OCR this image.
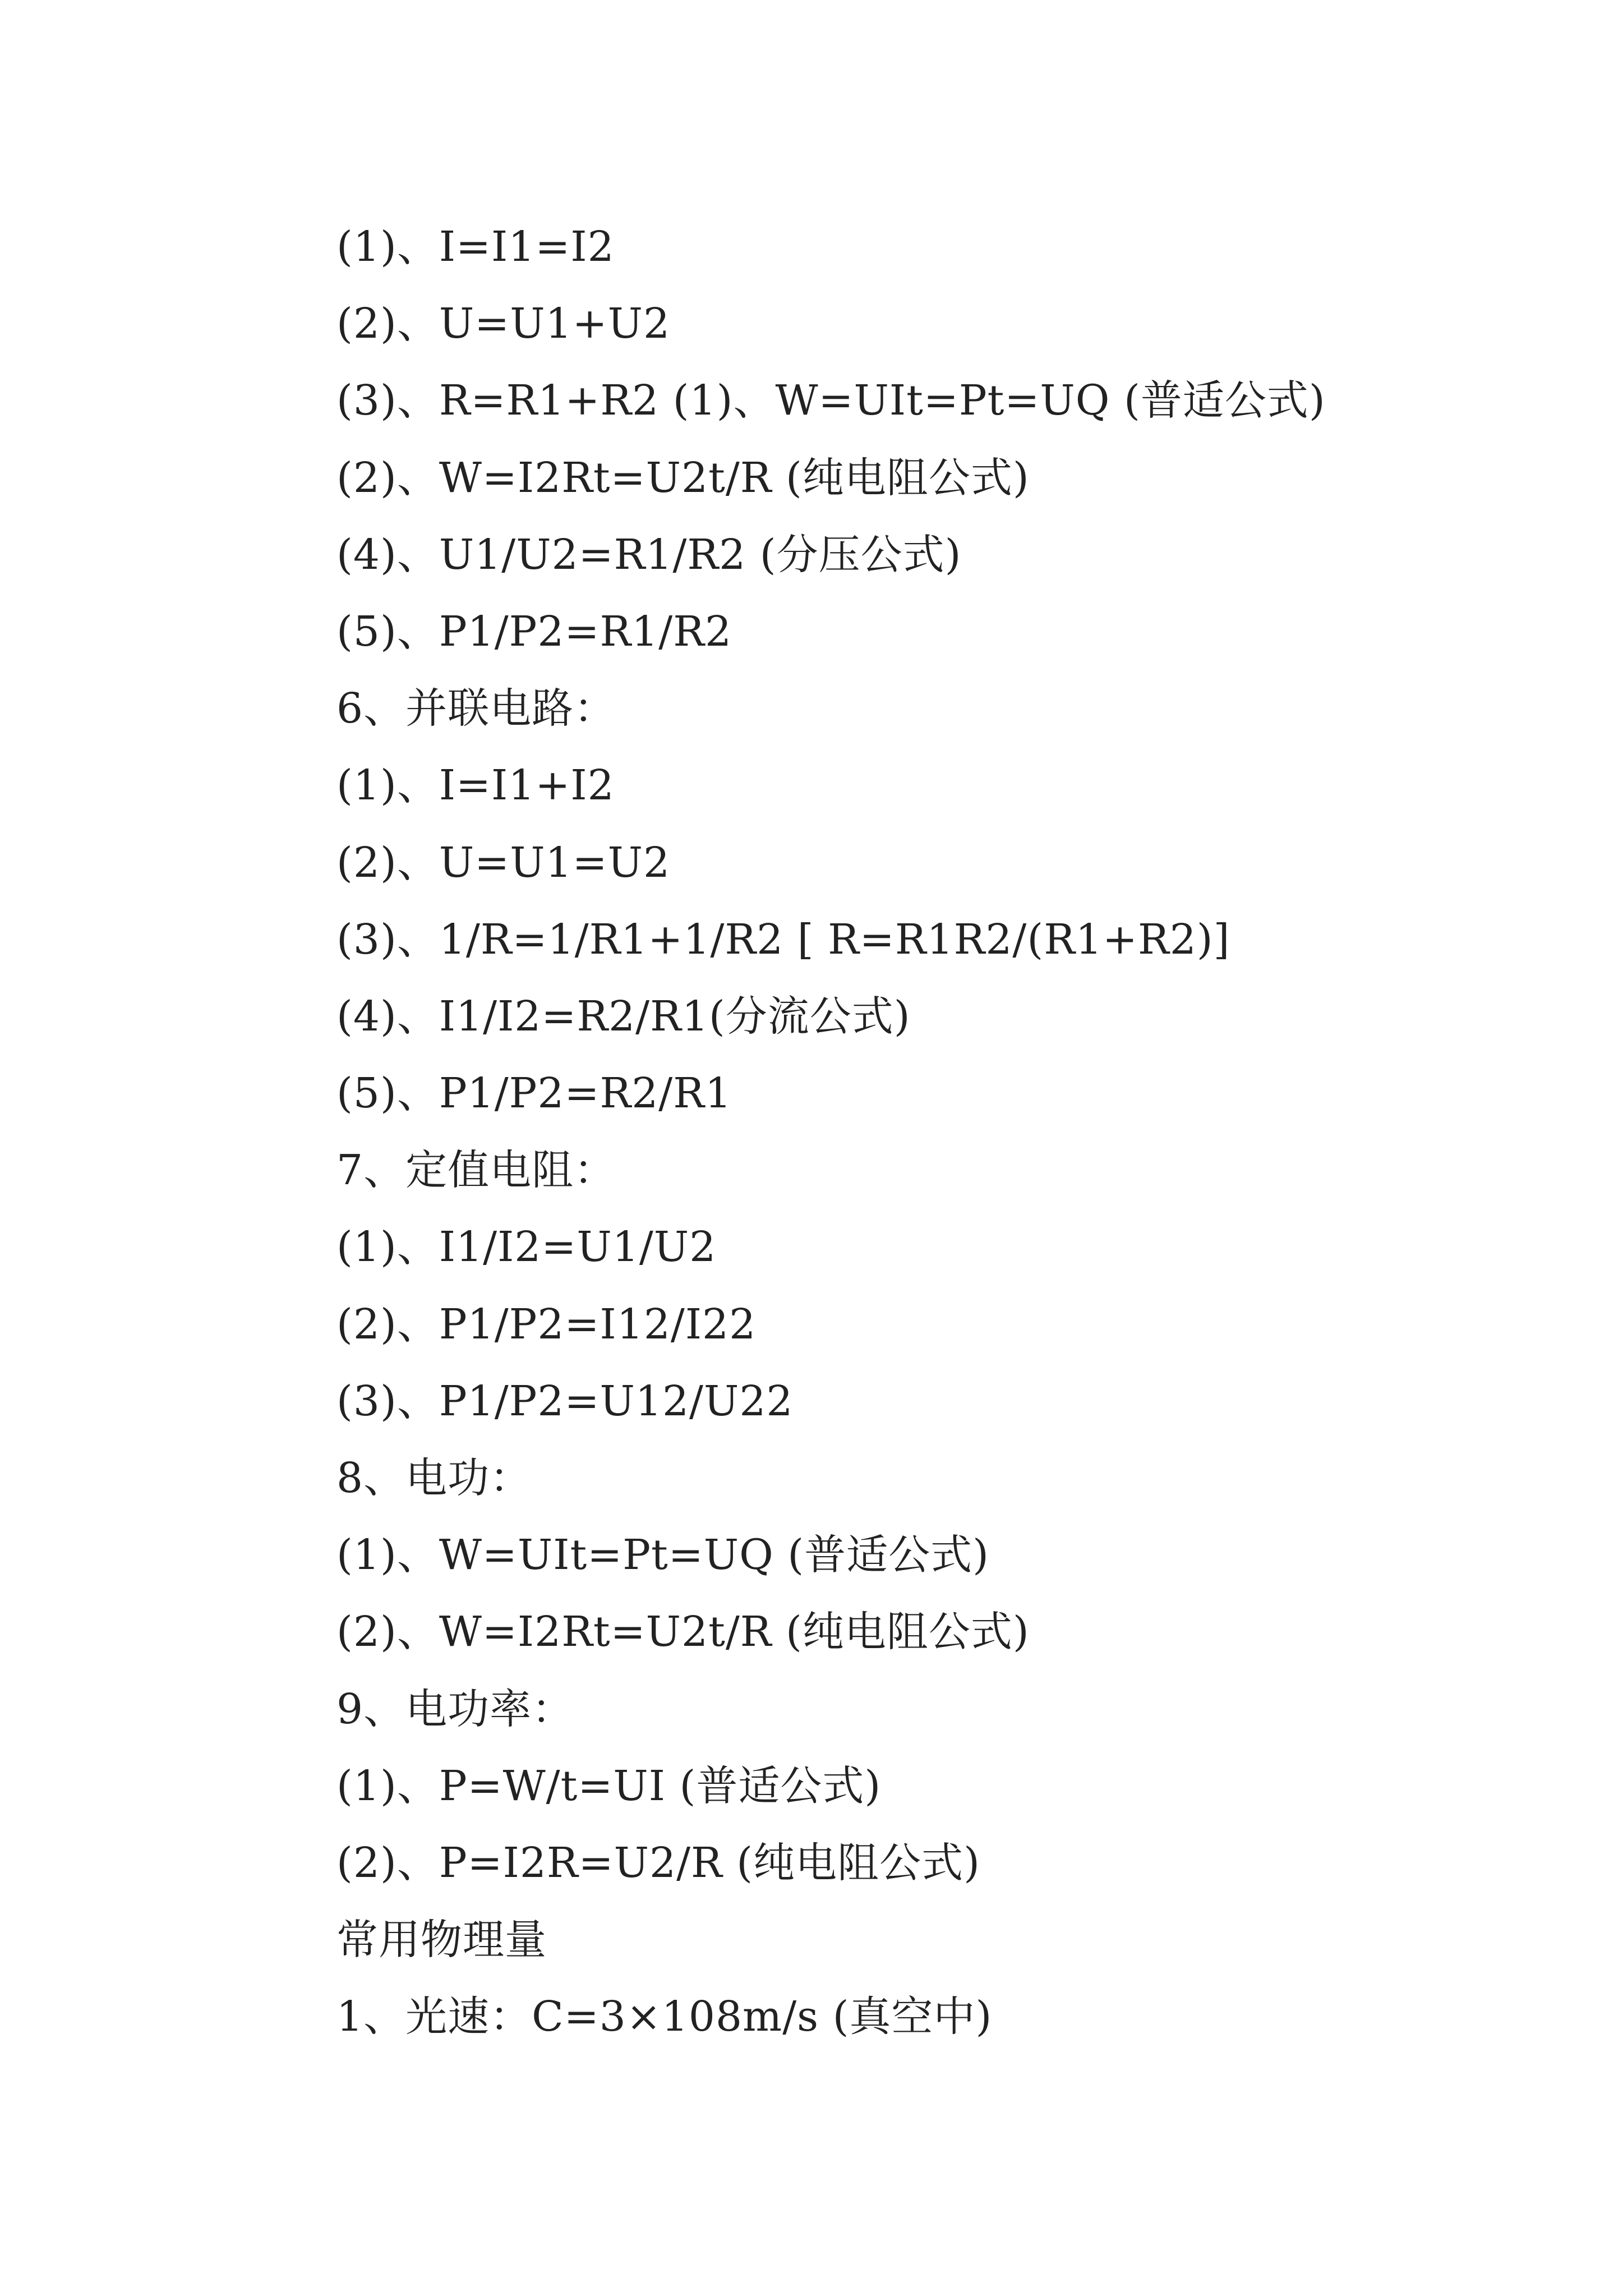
(1)、I=I1=I2
(2)、U=U1+U2
(3)、R=R1+R2 (1)、W=UIt=Pt=UQ (普适公式)
(2)、W=I2Rt=U2t/R (纯电阻公式)
(4)、U1/U2=R1/R2 (分压公式)
(5)、P1/P2=R1/R2
6、并联电路：
(1)、I=I1+I2
(2)、U=U1=U2
(3)、1/R=1/R1+1/R2 [ R=R1R2/(R1+R2)]
(4)、I1/I2=R2/R1(分流公式)
(5)、P1/P2=R2/R1
7、定值电阻：
(1)、I1/I2=U1/U2
(2)、P1/P2=I12/I22
(3)、P1/P2=U12/U22
8、电功：
(1)、W=UIt=Pt=UQ (普适公式)
(2)、W=I2Rt=U2t/R (纯电阻公式)
9、电功率：
(1)、P=W/t=UI (普适公式)
(2)、P=I2R=U2/R (纯电阻公式)
常用物理量
1、光速：C=3×108m/s (真空中)
